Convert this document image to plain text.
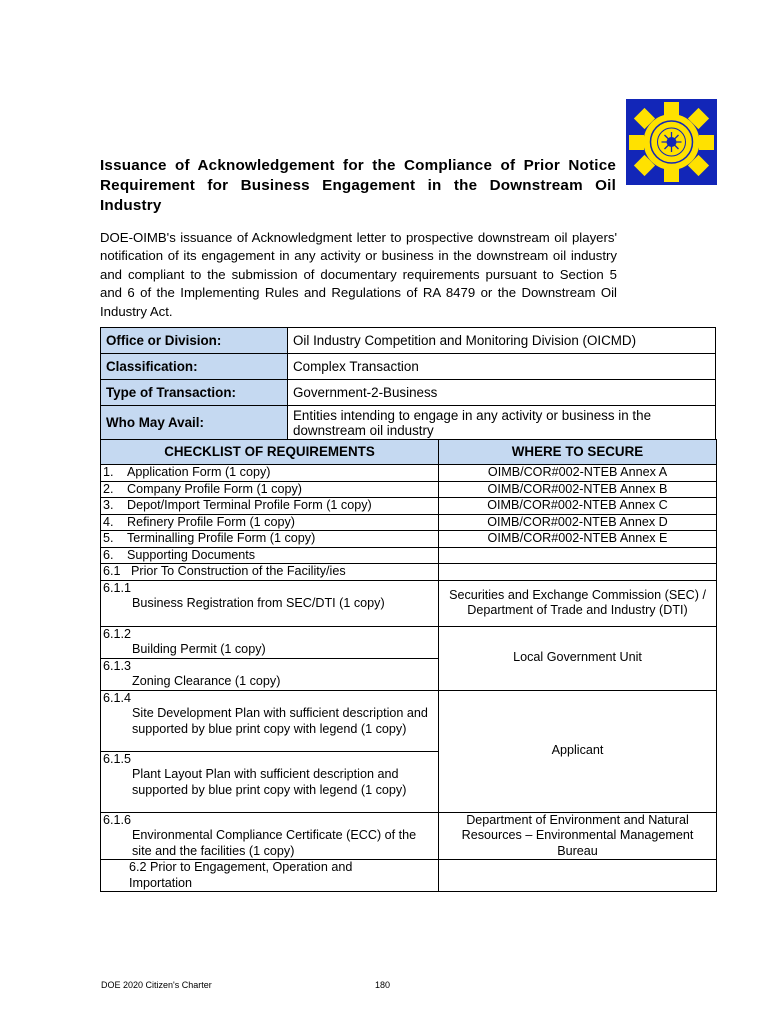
Issuance of Acknowledgement for the Compliance of Prior Notice Requirement for Business Engagement in the Downstream Oil Industry
DOE-OIMB's issuance of Acknowledgment letter to prospective downstream oil players' notification of its engagement in any activity or business in the downstream oil industry and compliant to the submission of documentary requirements pursuant to Section 5 and 6 of the Implementing Rules and Regulations of RA 8479 or the Downstream Oil Industry Act.
Office or Division:	Oil Industry Competition and Monitoring Division (OICMD)
Classification:	Complex Transaction
Type of Transaction:	Government-2-Business
Who May Avail:	Entities intending to engage in any activity or business in the downstream oil industry
CHECKLIST OF REQUIREMENTS	WHERE TO SECURE
1. Application Form (1 copy)	OIMB/COR#002-NTEB Annex A
2. Company Profile Form (1 copy)	OIMB/COR#002-NTEB Annex B
3. Depot/Import Terminal Profile Form (1 copy)	OIMB/COR#002-NTEB Annex C
4. Refinery Profile Form (1 copy)	OIMB/COR#002-NTEB Annex D
5. Terminalling Profile Form (1 copy)	OIMB/COR#002-NTEB Annex E
6. Supporting Documents	
6.1   Prior To Construction of the Facility/ies	

6.1.1
Business Registration from SEC/DTI (1 copy)	Securities and Exchange Commission (SEC) / Department of Trade and Industry (DTI)

6.1.2
Building Permit (1 copy)	Local Government Unit

6.1.3
Zoning Clearance (1 copy)	

6.1.4
Site Development Plan with sufficient description and supported by blue print copy with legend (1 copy)	Applicant

6.1.5
Plant Layout Plan with sufficient description and supported by blue print copy with legend (1 copy)	

6.1.6
Environmental Compliance Certificate (ECC) of the site and the facilities (1 copy)	Department of Environment and Natural Resources – Environmental Management Bureau

6.2 Prior to Engagement, Operation and Importation	

DOE 2020 Citizen's Charter	180
